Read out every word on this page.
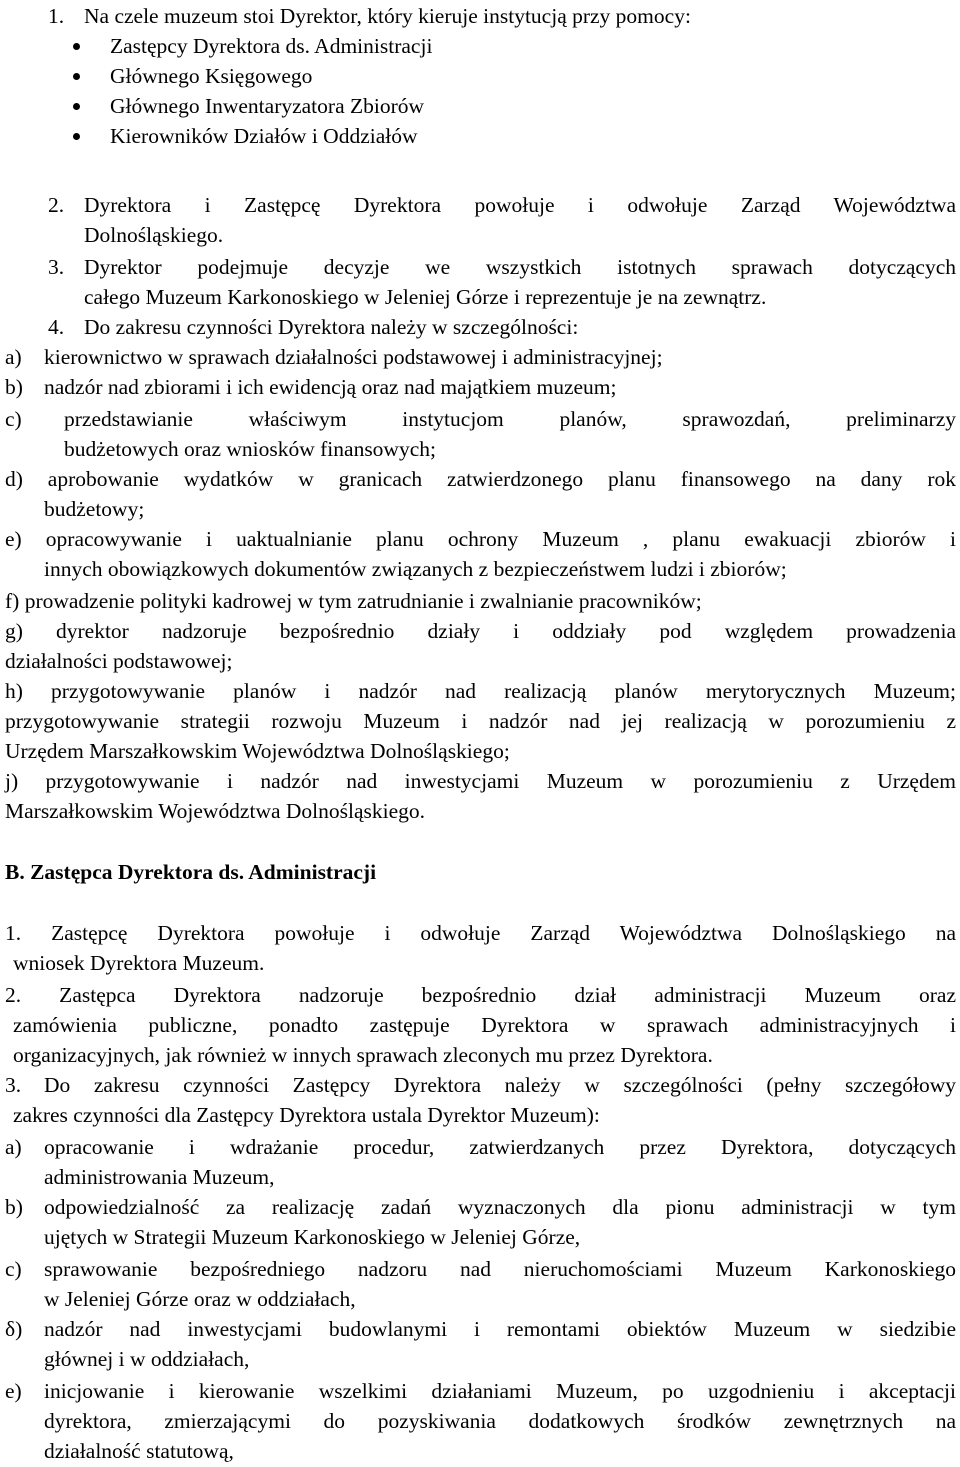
1. Na czele muzeum stoi Dyrektor, który kieruje instytucją przy pomocy:
Zastępcy Dyrektora ds. Administracji
Głównego Księgowego
Głównego Inwentaryzatora Zbiorów
Kierowników Działów i Oddziałów
2. Dyrektora i Zastępcę Dyrektora powołuje i odwołuje Zarząd Województwa
Dolnośląskiego.
3. Dyrektor podejmuje decyzje we wszystkich istotnych sprawach dotyczących
całego Muzeum Karkonoskiego w Jeleniej Górze i reprezentuje je na zewnątrz.
4. Do zakresu czynności Dyrektora należy w szczególności:
a) kierownictwo w sprawach działalności podstawowej i administracyjnej;
b) nadzór nad zbiorami i ich ewidencją oraz nad majątkiem muzeum;
c) przedstawianie właściwym instytucjom planów, sprawozdań, preliminarzy
budżetowych oraz wniosków finansowych;
d) aprobowanie wydatków w granicach zatwierdzonego planu finansowego na dany rok
budżetowy;
e) opracowywanie i uaktualnianie planu ochrony Muzeum , planu ewakuacji zbiorów i
innych obowiązkowych dokumentów związanych z bezpieczeństwem ludzi i zbiorów;
f) prowadzenie polityki kadrowej w tym zatrudnianie i zwalnianie pracowników;
g) dyrektor nadzoruje bezpośrednio działy i oddziały pod względem prowadzenia
działalności podstawowej;
h) przygotowywanie planów i nadzór nad realizacją planów merytorycznych Muzeum;
przygotowywanie strategii rozwoju Muzeum i nadzór nad jej realizacją w porozumieniu z
Urzędem Marszałkowskim Województwa Dolnośląskiego;
j) przygotowywanie i nadzór nad inwestycjami Muzeum w porozumieniu z Urzędem
Marszałkowskim Województwa Dolnośląskiego.
B. Zastępca Dyrektora ds. Administracji
1. Zastępcę Dyrektora powołuje i odwołuje Zarząd Województwa Dolnośląskiego na
wniosek Dyrektora Muzeum.
2. Zastępca Dyrektora nadzoruje bezpośrednio dział administracji Muzeum oraz
zamówienia publiczne, ponadto zastępuje Dyrektora w sprawach administracyjnych i
organizacyjnych, jak również w innych sprawach zleconych mu przez Dyrektora.
3. Do zakresu czynności Zastępcy Dyrektora należy w szczególności (pełny szczegółowy
zakres czynności dla Zastępcy Dyrektora ustala Dyrektor Muzeum):
a) opracowanie i wdrażanie procedur, zatwierdzanych przez Dyrektora, dotyczących
administrowania Muzeum,
b) odpowiedzialność za realizację zadań wyznaczonych dla pionu administracji w tym
ujętych w Strategii Muzeum Karkonoskiego w Jeleniej Górze,
c) sprawowanie bezpośredniego nadzoru nad nieruchomościami Muzeum Karkonoskiego
w Jeleniej Górze oraz w oddziałach,
δ) nadzór nad inwestycjami budowlanymi i remontami obiektów Muzeum w siedzibie
głównej i w oddziałach,
e) inicjowanie i kierowanie wszelkimi działaniami Muzeum, po uzgodnieniu i akceptacji
dyrektora, zmierzającymi do pozyskiwania dodatkowych środków zewnętrznych na
działalność statutową,
